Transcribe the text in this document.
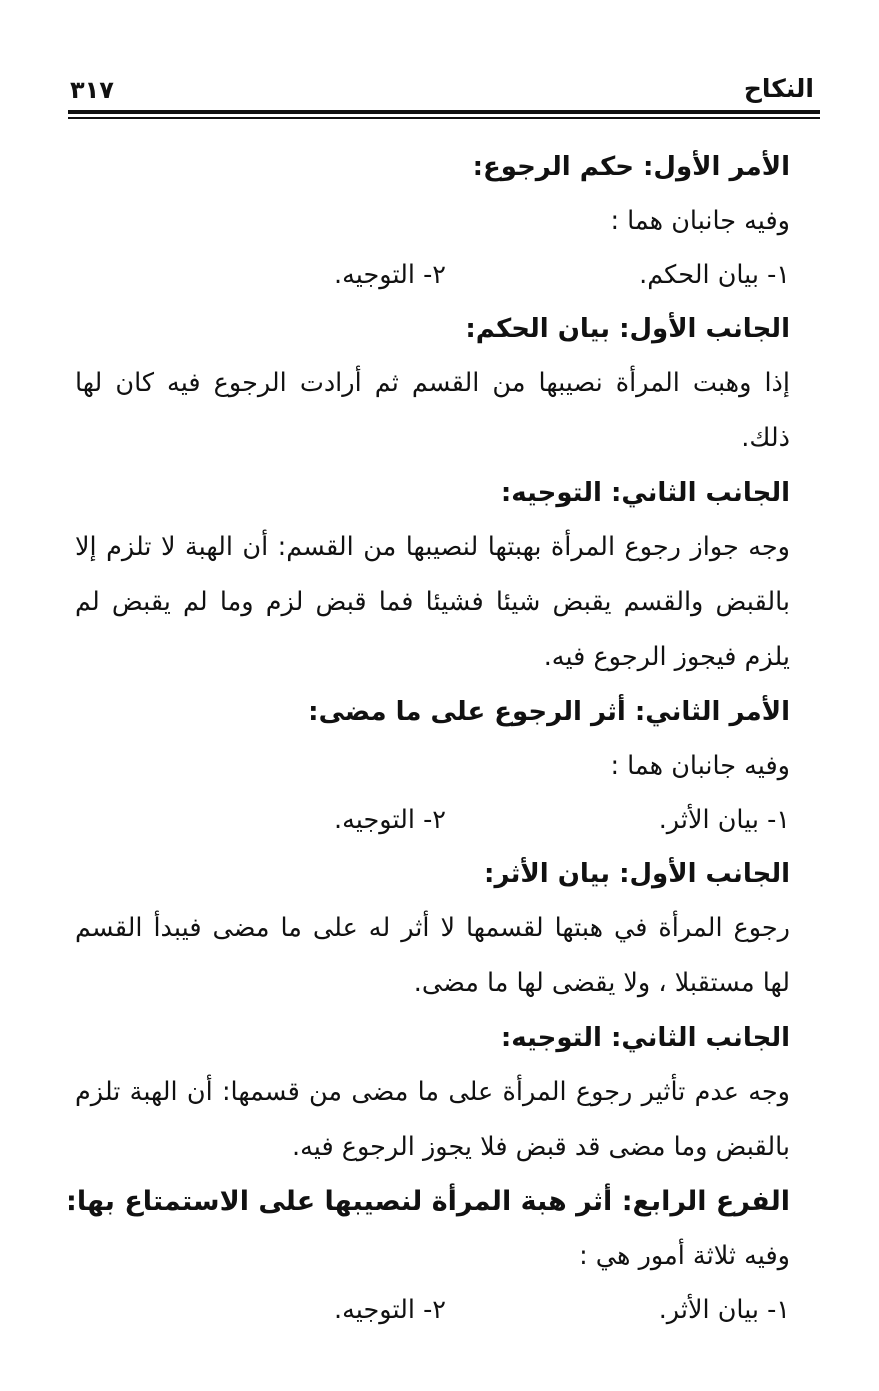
النكاح
٣١٧
الأمر الأول: حكم الرجوع:
وفيه جانبان هما :
١- بيان الحكم.
٢- التوجيه.
الجانب الأول: بيان الحكم:

إذا وهبت المرأة نصيبها من القسم ثم أرادت الرجوع فيه كان لها ذلك.

الجانب الثاني: التوجيه:

وجه جواز رجوع المرأة بهبتها لنصيبها من القسم: أن الهبة لا تلزم إلا بالقبض والقسم يقبض شيئا فشيئا فما قبض لزم وما لم يقبض لم يلزم فيجوز الرجوع فيه.

الأمر الثاني: أثر الرجوع على ما مضى:
وفيه جانبان هما :
١- بيان الأثر.
٢- التوجيه.
الجانب الأول: بيان الأثر:

رجوع المرأة في هبتها لقسمها لا أثر له على ما مضى فيبدأ القسم لها مستقبلا ، ولا يقضى لها ما مضى.

الجانب الثاني: التوجيه:

وجه عدم تأثير رجوع المرأة على ما مضى من قسمها: أن الهبة تلزم بالقبض وما مضى قد قبض فلا يجوز الرجوع فيه.

الفرع الرابع: أثر هبة المرأة لنصيبها على الاستمتاع بها:
وفيه ثلاثة أمور هي :
١- بيان الأثر.
٢- التوجيه.
